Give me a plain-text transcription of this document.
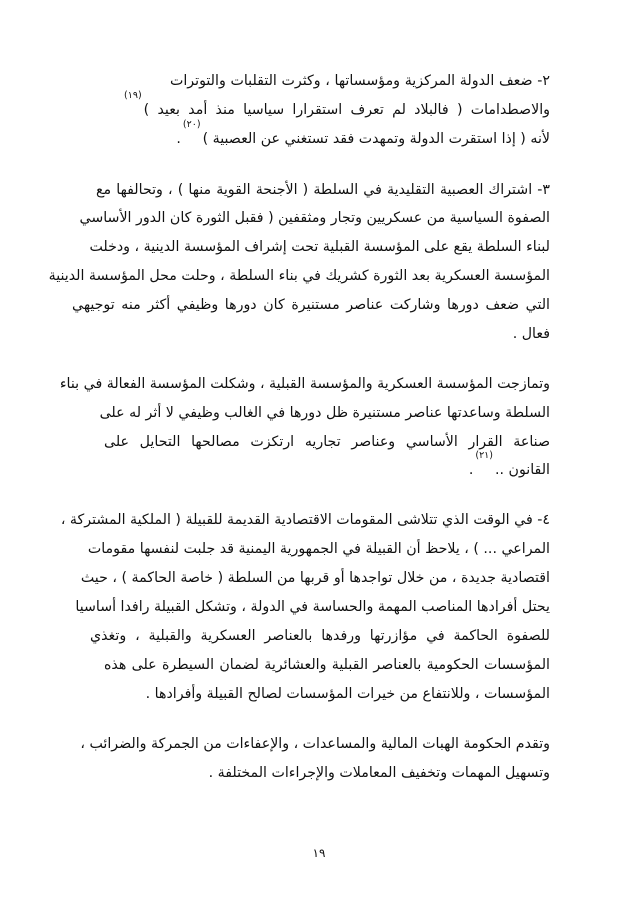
٢- ضعف الدولة المركزية ومؤسساتها ، وكثرت التقلبات والتوترات
والاصطدامات ( فالبلاد لم تعرف استقرارا سياسيا منذ أمد بعيد )$^{(١٩)}$
لأنه ( إذا استقرت الدولة وتمهدت فقد تستغني عن العصبية )$^{(٢٠)}$.
٣- اشتراك العصبية التقليدية في السلطة ( الأجنحة القوية منها ) ، وتحالفها مع
الصفوة السياسية من عسكريين وتجار ومثقفين ( فقبل الثورة كان الدور الأساسي
لبناء السلطة يقع على المؤسسة القبلية تحت إشراف المؤسسة الدينية ، ودخلت
المؤسسة العسكرية بعد الثورة كشريك في بناء السلطة ، وحلت محل المؤسسة الدينية
التي ضعف دورها وشاركت عناصر مستنيرة كان دورها وظيفي أكثر منه توجيهي
فعال .
وتمازجت المؤسسة العسكرية والمؤسسة القبلية ، وشكلت المؤسسة الفعالة في بناء
السلطة وساعدتها عناصر مستنيرة ظل دورها في الغالب وظيفي لا أثر له على
صناعة القرار الأساسي وعناصر تجاريه ارتكزت مصالحها التحايل على
القانون ..$^{(٢١)}$.
٤- في الوقت الذي تتلاشى المقومات الاقتصادية القديمة للقبيلة ( الملكية المشتركة ،
المراعي ... ) ، يلاحظ أن القبيلة في الجمهورية اليمنية قد جلبت لنفسها مقومات
اقتصادية جديدة ، من خلال تواجدها أو قربها من السلطة ( خاصة الحاكمة ) ، حيث
يحتل أفرادها المناصب المهمة والحساسة في الدولة ، وتشكل القبيلة رافدا أساسيا
للصفوة الحاكمة في مؤازرتها ورفدها بالعناصر العسكرية والقبلية ، وتغذي
المؤسسات الحكومية بالعناصر القبلية والعشائرية لضمان السيطرة على هذه
المؤسسات ، وللانتفاع من خيرات المؤسسات لصالح القبيلة وأفرادها .
وتقدم الحكومة الهبات المالية والمساعدات ، والإعفاءات من الجمركة والضرائب ،
وتسهيل المهمات وتخفيف المعاملات والإجراءات المختلفة .
١٩
